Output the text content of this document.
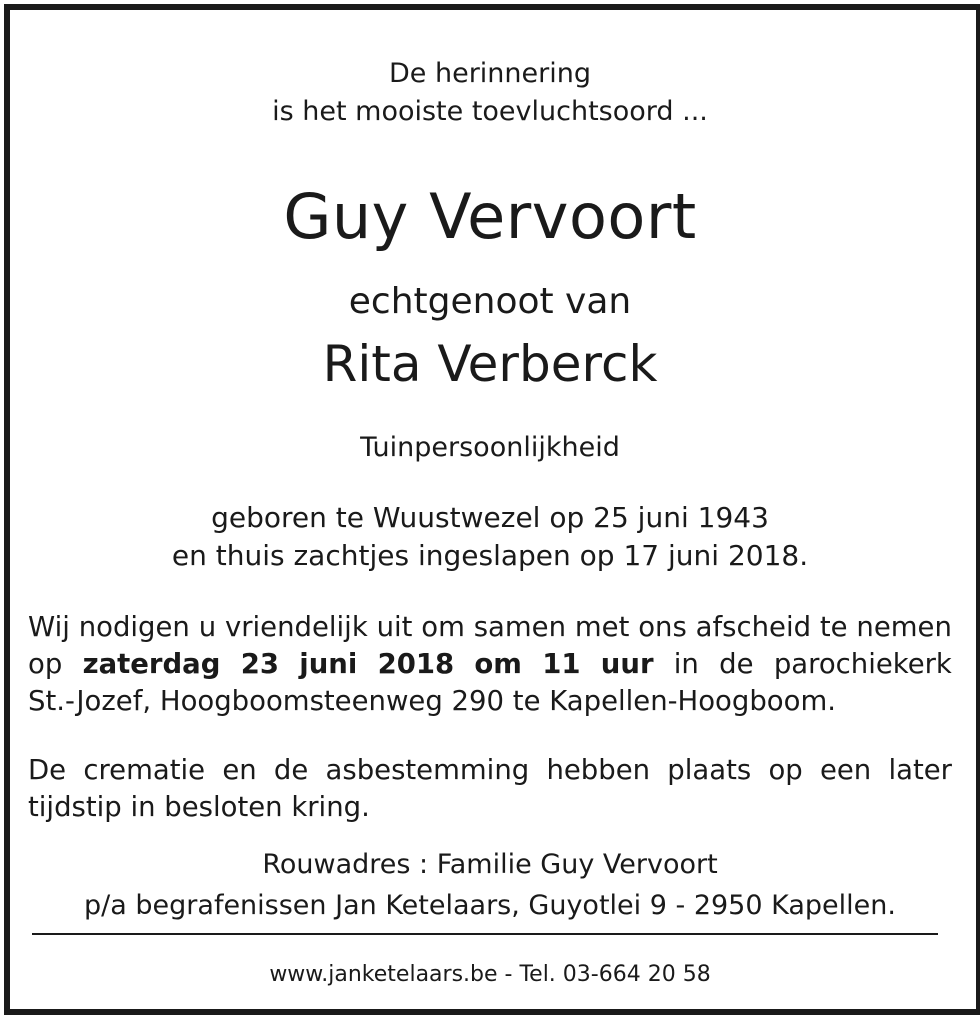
De herinnering
is het mooiste toevluchtsoord ...
Guy Vervoort
echtgenoot van
Rita Verberck
Tuinpersoonlijkheid
geboren te Wuustwezel op 25 juni 1943
en thuis zachtjes ingeslapen op 17 juni 2018.
Wij nodigen u vriendelijk uit om samen met ons afscheid te nemen
op zaterdag 23 juni 2018 om 11 uur in de parochiekerk
St.-Jozef, Hoogboomsteenweg 290 te Kapellen-Hoogboom.
De crematie en de asbestemming hebben plaats op een later
tijdstip in besloten kring.
Rouwadres : Familie Guy Vervoort
p/a begrafenissen Jan Ketelaars, Guyotlei 9 - 2950 Kapellen.
www.janketelaars.be - Tel. 03-664 20 58
